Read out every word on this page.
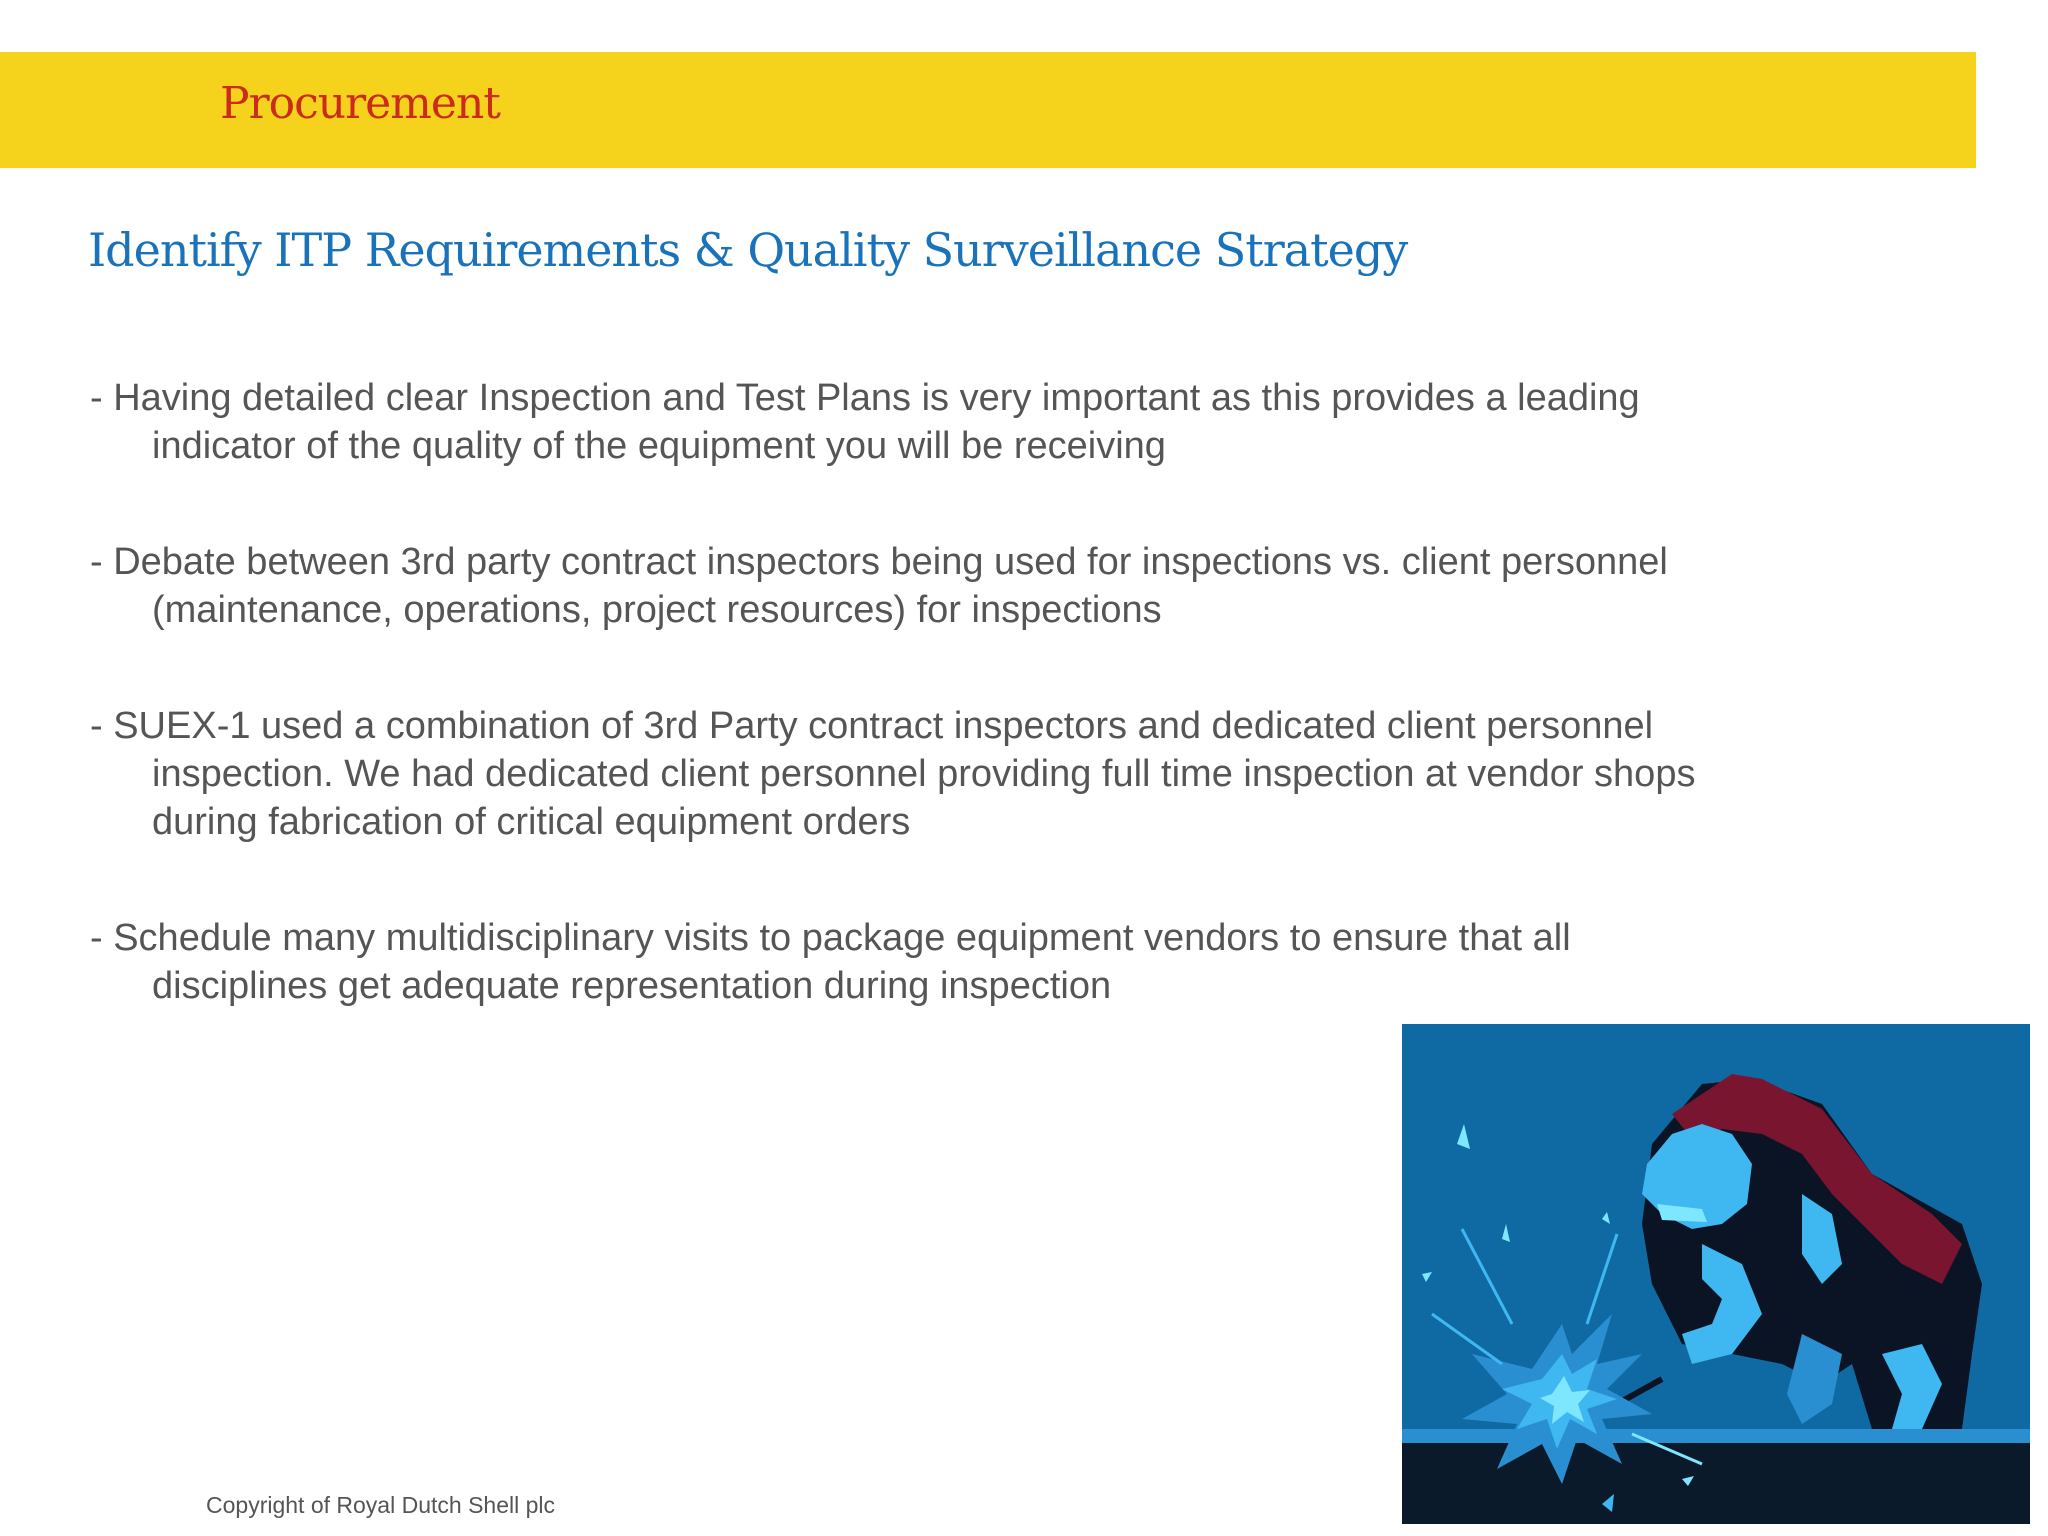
Procurement
Identify ITP Requirements & Quality Surveillance Strategy
- Having detailed clear Inspection and Test Plans is very important as this provides a leading
indicator of the quality of the equipment you will be receiving
- Debate between 3rd party contract inspectors being used for inspections vs. client personnel
(maintenance, operations, project resources) for inspections
- SUEX-1 used a combination of 3rd Party contract inspectors and dedicated client personnel
inspection. We had dedicated client personnel providing full time inspection at vendor shops
during fabrication of critical equipment orders
- Schedule many multidisciplinary visits to package equipment vendors to ensure that all
disciplines get adequate representation during inspection
Copyright of Royal Dutch Shell plc
